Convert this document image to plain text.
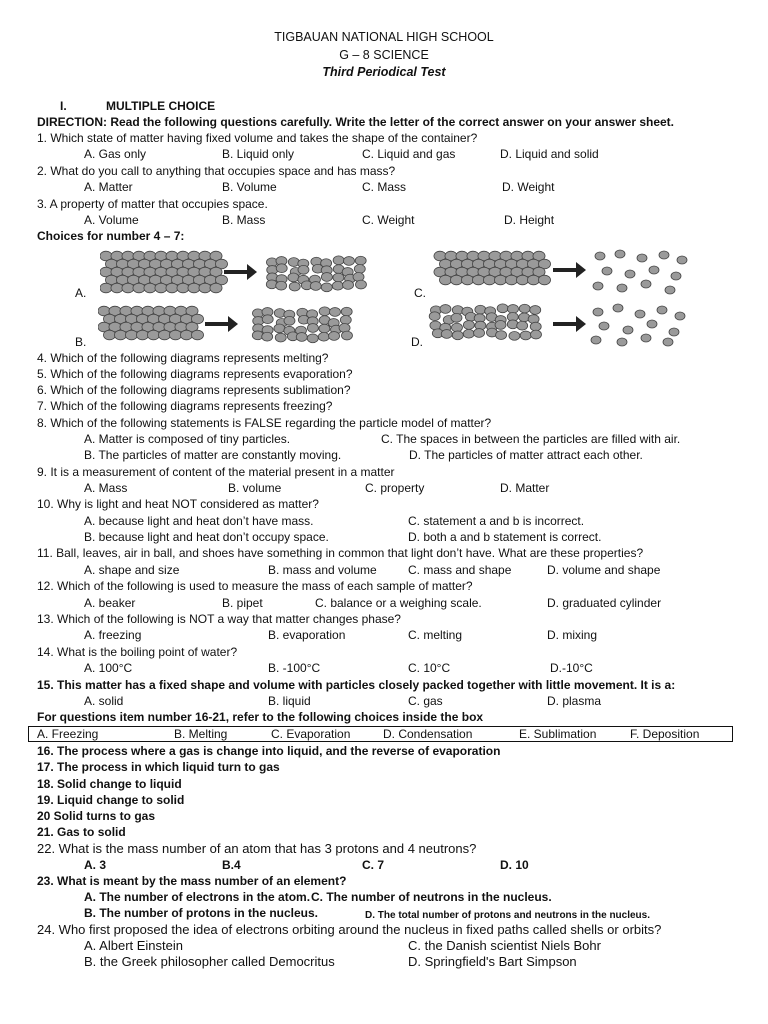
TIGBAUAN NATIONAL HIGH SCHOOL
G – 8 SCIENCE
Third Periodical Test
I.	MULTIPLE CHOICE
DIRECTION: Read the following questions carefully. Write the letter of the correct answer on your answer sheet.
1. Which state of matter having fixed volume and takes the shape of the container?
A. Gas only	B. Liquid only	C. Liquid and gas	D. Liquid and solid
2. What do you call to anything that occupies space and has mass?
A. Matter	B. Volume	C. Mass	D. Weight
3. A property of matter that occupies space.
A. Volume	B. Mass	C. Weight	D. Height
Choices for number 4 – 7:
A.	C.
B.	D.
4. Which of the following diagrams represents melting?
5. Which of the following diagrams represents evaporation?
6. Which of the following diagrams represents sublimation?
7. Which of the following diagrams represents freezing?
8. Which of the following statements is FALSE regarding the particle model of matter?
A. Matter is composed of tiny particles.	C. The spaces in between the particles are filled with air.
B. The particles of matter are constantly moving.	D. The particles of matter attract each other.
9. It is a measurement of content of the material present in a matter
A. Mass	B. volume	C. property	D. Matter
10. Why is light and heat NOT considered as matter?
A. because light and heat don’t have mass.	C. statement a and b is incorrect.
B. because light and heat don’t occupy space.	D. both a and b statement is correct.
11. Ball, leaves, air in ball, and shoes have something in common that light don’t have. What are these properties?
A. shape and size	B. mass and volume	C. mass and shape	D. volume and shape
12. Which of the following is used to measure the mass of each sample of matter?
A. beaker	B. pipet	C. balance or a weighing scale.	D. graduated cylinder
13. Which of the following is NOT a way that matter changes phase?
A. freezing	B. evaporation	C. melting	D. mixing
14. What is the boiling point of water?
A. 100°C	B. -100°C	C. 10°C	D.-10°C
15. This matter has a fixed shape and volume with particles closely packed together with little movement. It is a:
A. solid	B. liquid	C. gas	D. plasma
For questions item number 16-21, refer to the following choices inside the box
A. Freezing	B. Melting	C. Evaporation	D. Condensation	E. Sublimation	F. Deposition
16. The process where a gas is change into liquid, and the reverse of evaporation
17. The process in which liquid turn to gas
18. Solid change to liquid
19. Liquid change to solid
20 Solid turns to gas
21. Gas to solid
22. What is the mass number of an atom that has 3 protons and 4 neutrons?
A. 3	B.4	C. 7	D. 10
23. What is meant by the mass number of an element?
A. The number of electrons in the atom. C. The number of neutrons in the nucleus.
B. The number of protons in the nucleus.	D. The total number of protons and neutrons in the nucleus.
24. Who first proposed the idea of electrons orbiting around the nucleus in fixed paths called shells or orbits?
A. Albert Einstein	C. the Danish scientist Niels Bohr
B. the Greek philosopher called Democritus	D. Springfield's Bart Simpson
